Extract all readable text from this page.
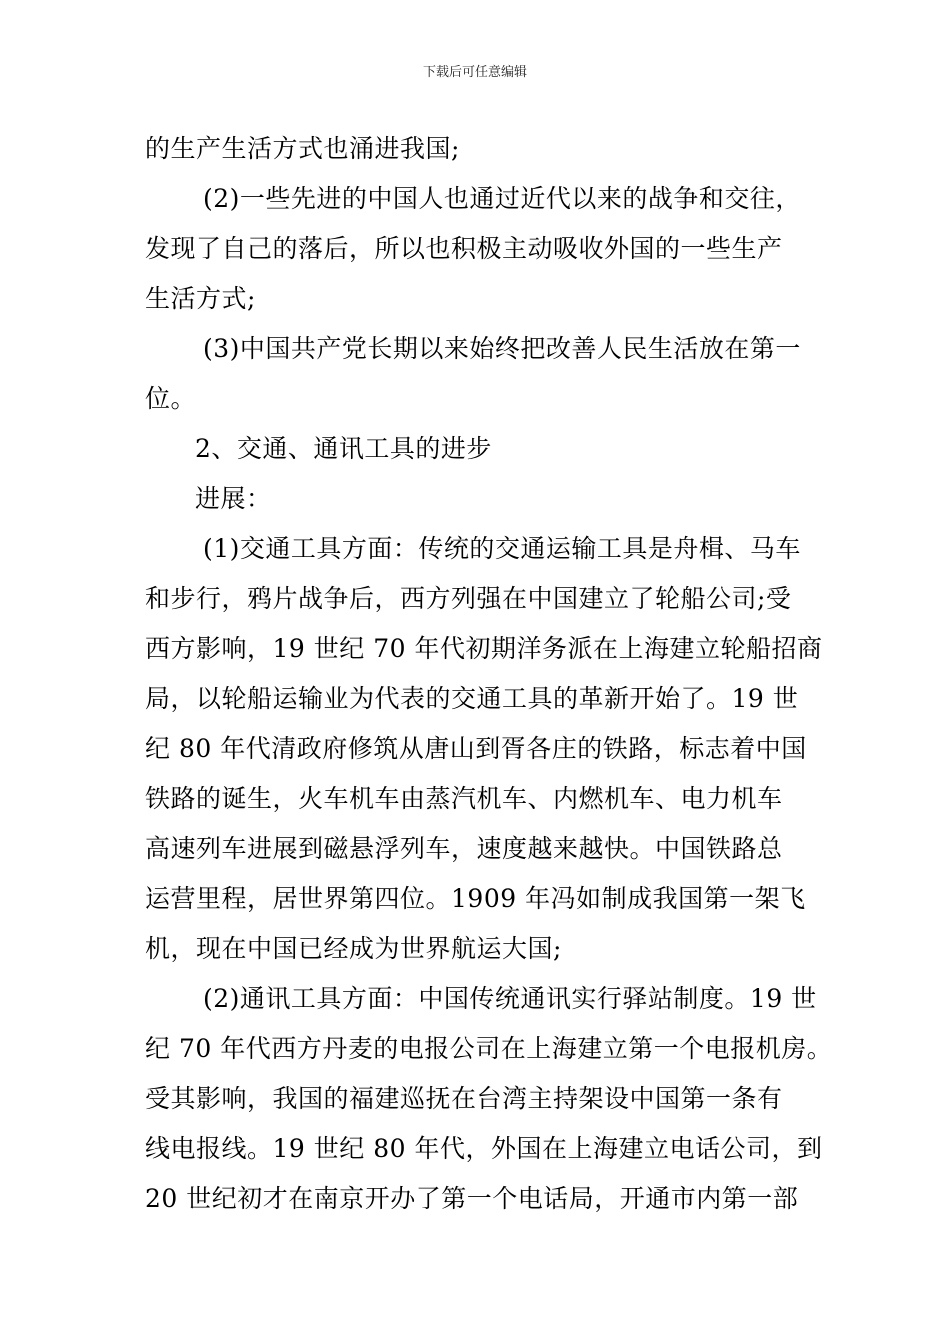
下载后可任意编辑
的生产生活方式也涌进我国;
(2)一些先进的中国人也通过近代以来的战争和交往，
发现了自己的落后，所以也积极主动吸收外国的一些生产
生活方式;
(3)中国共产党长期以来始终把改善人民生活放在第一
位。
2、交通、通讯工具的进步
进展：
(1)交通工具方面：传统的交通运输工具是舟楫、马车
和步行，鸦片战争后，西方列强在中国建立了轮船公司;受
西方影响，19 世纪 70 年代初期洋务派在上海建立轮船招商
局，以轮船运输业为代表的交通工具的革新开始了。19 世
纪 80 年代清政府修筑从唐山到胥各庄的铁路，标志着中国
铁路的诞生，火车机车由蒸汽机车、内燃机车、电力机车
高速列车进展到磁悬浮列车，速度越来越快。中国铁路总
运营里程，居世界第四位。1909 年冯如制成我国第一架飞
机，现在中国已经成为世界航运大国;
(2)通讯工具方面：中国传统通讯实行驿站制度。19 世
纪 70 年代西方丹麦的电报公司在上海建立第一个电报机房。
受其影响，我国的福建巡抚在台湾主持架设中国第一条有
线电报线。19 世纪 80 年代，外国在上海建立电话公司，到
20 世纪初才在南京开办了第一个电话局，开通市内第一部
